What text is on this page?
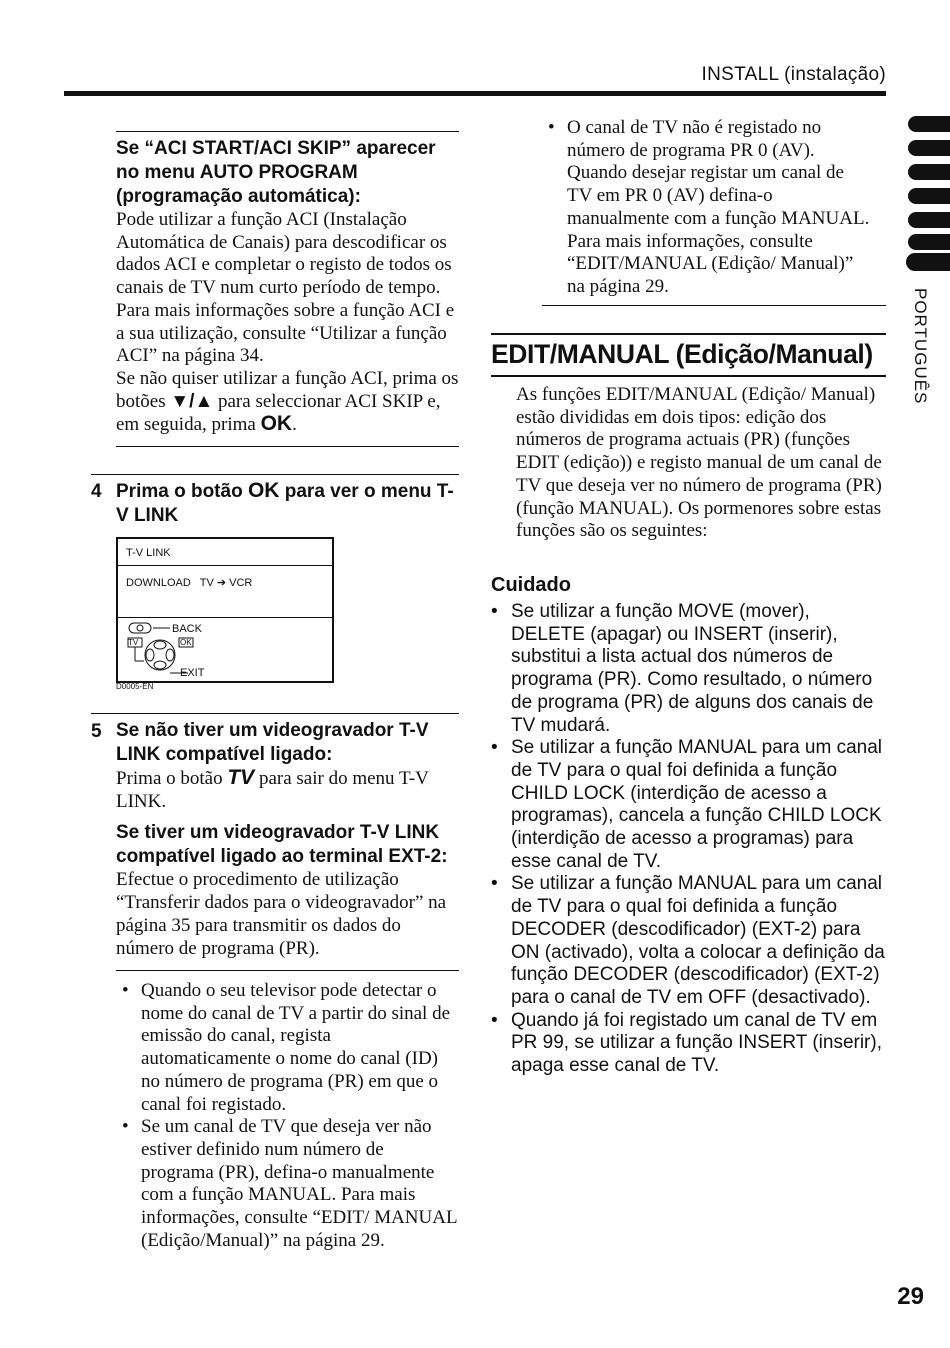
INSTALL (instalação)
PORTUGUÊS
Se “ACI START/ACI SKIP” aparecer no menu AUTO PROGRAM (programação automática):
Pode utilizar a função ACI (Instalação Automática de Canais) para descodificar os dados ACI e completar o registo de todos os canais de TV num curto período de tempo. Para mais informações sobre a função ACI e a sua utilização, consulte “Utilizar a função ACI” na página 34.
Se não quiser utilizar a função ACI, prima os botões ▼/▲ para seleccionar ACI SKIP e, em seguida, prima OK.
4 Prima o botão OK para ver o menu T-V LINK
T-V LINK
DOWNLOAD   TV ➔ VCR
BACK
TV	OK
EXIT
D0005-EN
5 Se não tiver um videogravador T-V LINK compatível ligado:
Prima o botão TV para sair do menu T-V LINK.
Se tiver um videogravador T-V LINK compatível ligado ao terminal EXT-2:
Efectue o procedimento de utilização “Transferir dados para o videogravador” na página 35 para transmitir os dados do número de programa (PR).
• Quando o seu televisor pode detectar o nome do canal de TV a partir do sinal de emissão do canal, regista automaticamente o nome do canal (ID) no número de programa (PR) em que o canal foi registado.
• Se um canal de TV que deseja ver não estiver definido num número de programa (PR), defina-o manualmente com a função MANUAL. Para mais informações, consulte “EDIT/ MANUAL (Edição/Manual)” na página 29.
• O canal de TV não é registado no número de programa PR 0 (AV). Quando desejar registar um canal de TV em PR 0 (AV) defina-o manualmente com a função MANUAL. Para mais informações, consulte “EDIT/MANUAL (Edição/ Manual)” na página 29.
EDIT/MANUAL (Edição/Manual)
As funções EDIT/MANUAL (Edição/ Manual) estão divididas em dois tipos: edição dos números de programa actuais (PR) (funções EDIT (edição)) e registo manual de um canal de TV que deseja ver no número de programa (PR) (função MANUAL). Os pormenores sobre estas funções são os seguintes:
Cuidado
• Se utilizar a função MOVE (mover), DELETE (apagar) ou INSERT (inserir), substitui a lista actual dos números de programa (PR). Como resultado, o número de programa (PR) de alguns dos canais de TV mudará.
• Se utilizar a função MANUAL para um canal de TV para o qual foi definida a função CHILD LOCK (interdição de acesso a programas), cancela a função CHILD LOCK (interdição de acesso a programas) para esse canal de TV.
• Se utilizar a função MANUAL para um canal de TV para o qual foi definida a função DECODER (descodificador) (EXT-2) para ON (activado), volta a colocar a definição da função DECODER (descodificador) (EXT-2) para o canal de TV em OFF (desactivado).
• Quando já foi registado um canal de TV em PR 99, se utilizar a função INSERT (inserir), apaga esse canal de TV.
29
